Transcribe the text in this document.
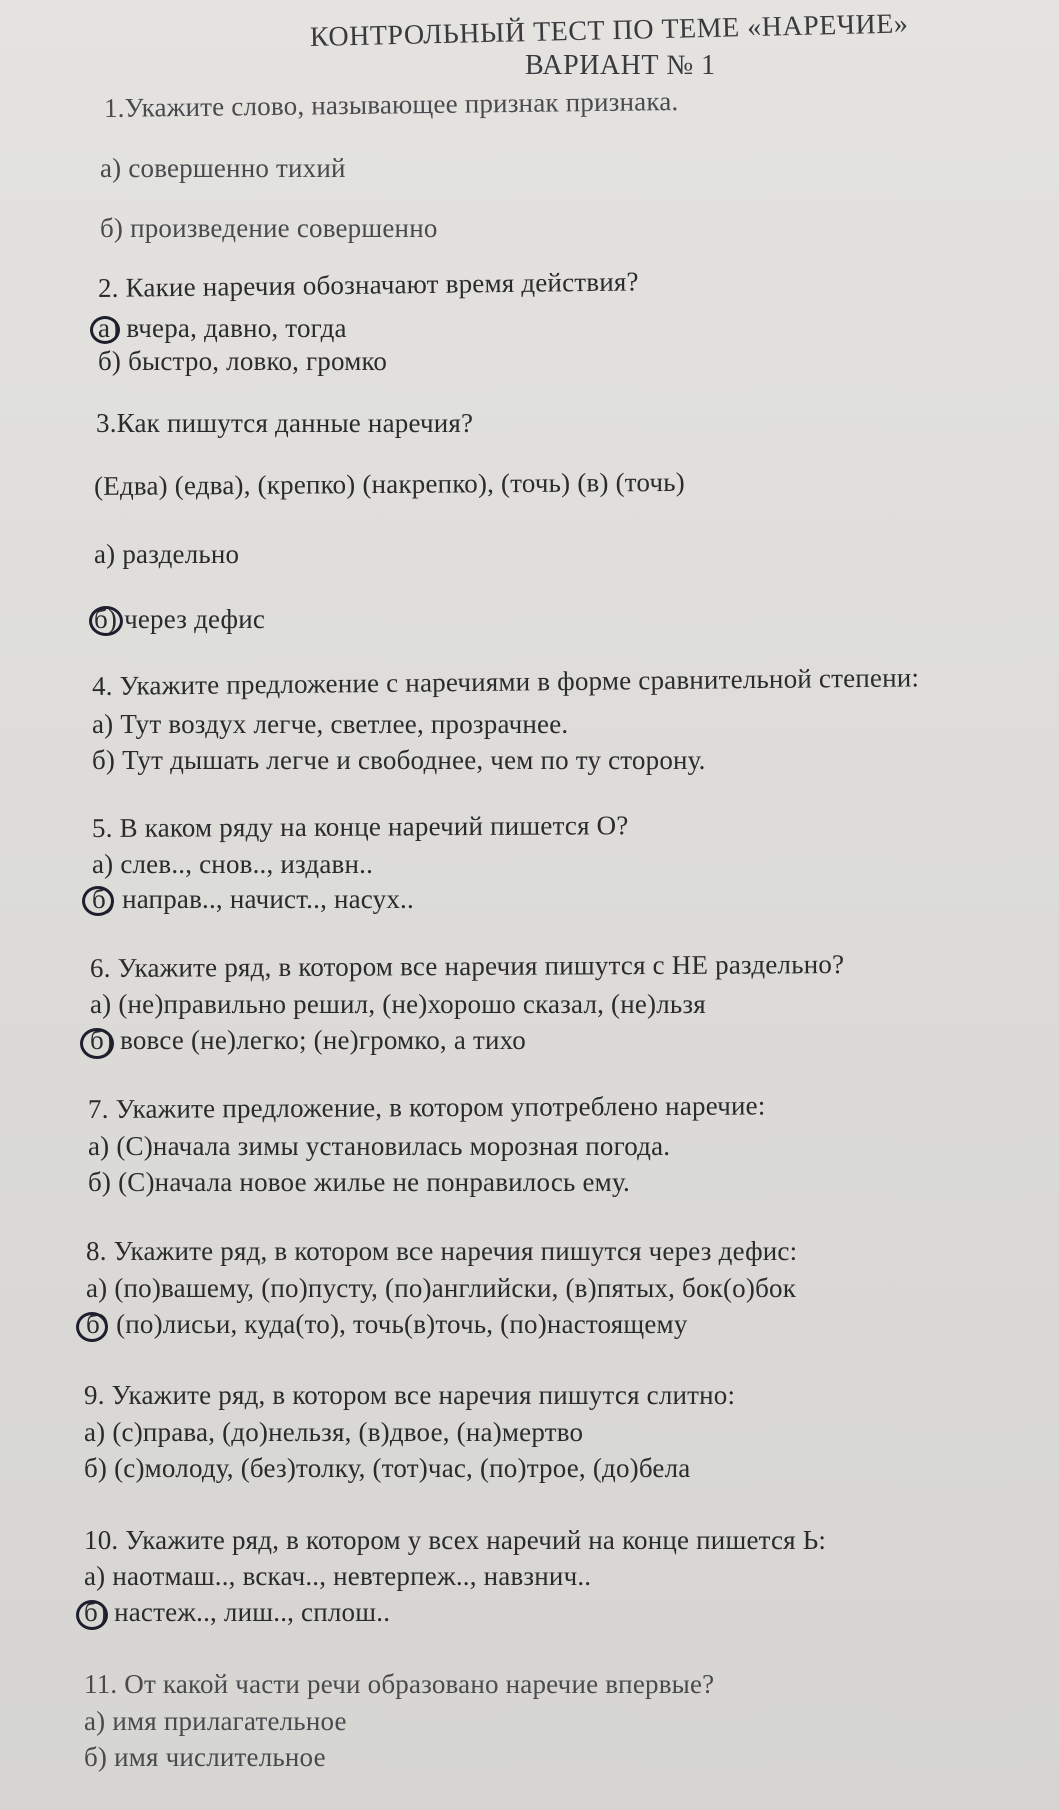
КОНТРОЛЬНЫЙ ТЕСТ ПО ТЕМЕ «НАРЕЧИЕ»
ВАРИАНТ № 1
1.Укажите слово, называющее признак признака.
а) совершенно тихий
б) произведение совершенно
2. Какие наречия обозначают время действия?
а) вчера, давно, тогда
б) быстро, ловко, громко
3.Как пишутся данные наречия?
(Едва) (едва), (крепко) (накрепко), (точь) (в) (точь)
а) раздельно
б) через дефис
4. Укажите предложение с наречиями в форме сравнительной степени:
а) Тут воздух легче, светлее, прозрачнее.
б) Тут дышать легче и свободнее, чем по ту сторону.
5. В каком ряду на конце наречий пишется О?
а) слев.., снов.., издавн..
б) направ.., начист.., насух..
6. Укажите ряд, в котором все наречия пишутся с НЕ раздельно?
а) (не)правильно решил, (не)хорошо сказал, (не)льзя
б) вовсе (не)легко; (не)громко, а тихо
7. Укажите предложение, в котором употреблено наречие:
а) (С)начала зимы установилась морозная погода.
б) (С)начала новое жилье не понравилось ему.
8. Укажите ряд, в котором все наречия пишутся через дефис:
а) (по)вашему, (по)пусту, (по)английски, (в)пятых, бок(о)бок
б) (по)лисьи, куда(то), точь(в)точь, (по)настоящему
9. Укажите ряд, в котором все наречия пишутся слитно:
а) (с)права, (до)нельзя, (в)двое, (на)мертво
б) (с)молоду, (без)толку, (тот)час, (по)трое, (до)бела
10. Укажите ряд, в котором у всех наречий на конце пишется Ь:
а) наотмаш.., вскач.., невтерпеж.., навзнич..
б) настеж.., лиш.., сплош..
11. От какой части речи образовано наречие впервые?
а) имя прилагательное
б) имя числительное
